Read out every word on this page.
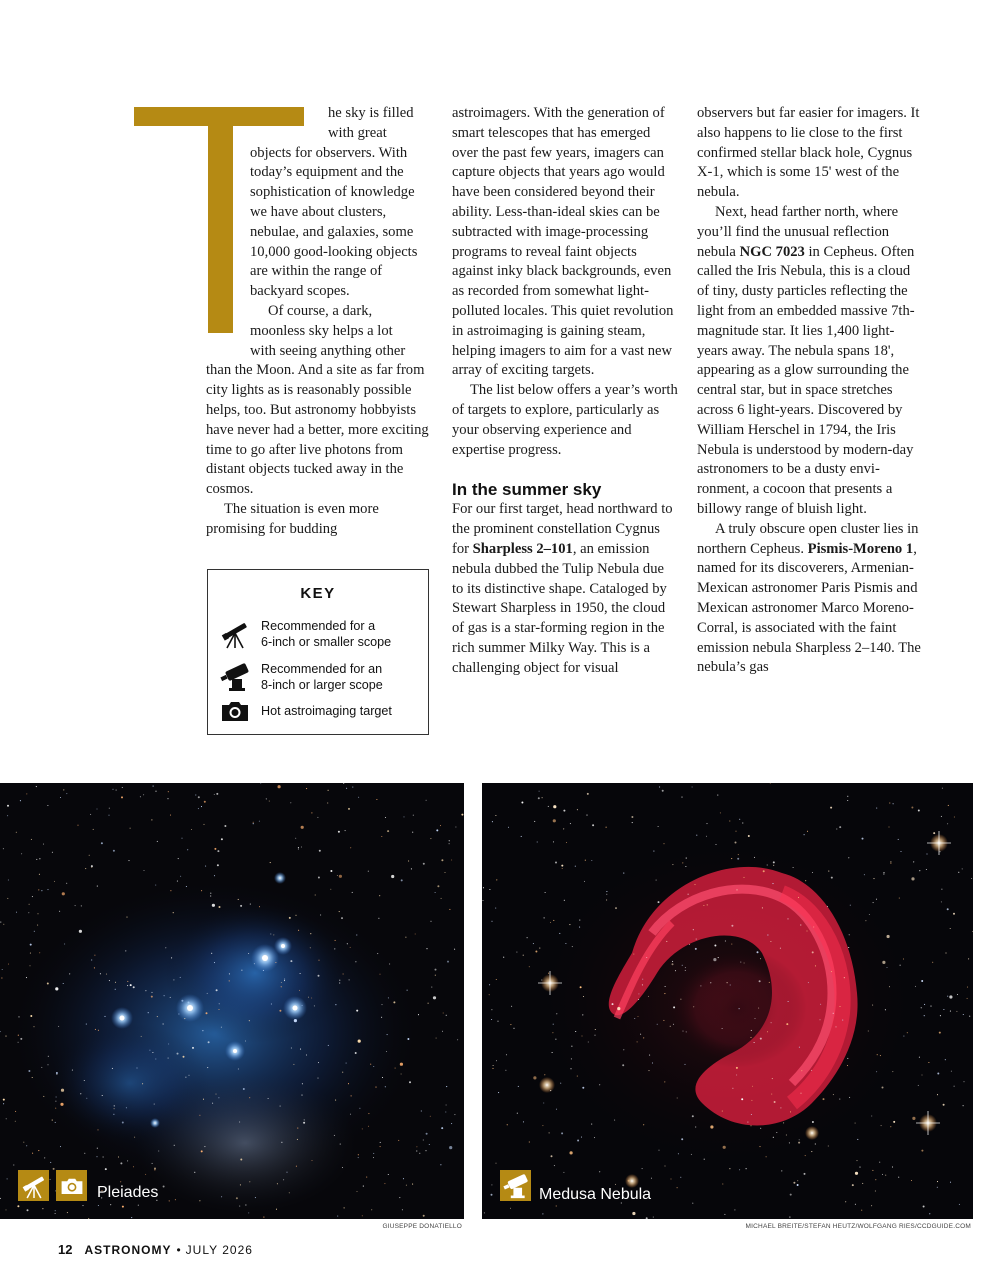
he sky is filled
with great

objects for observers. With today’s equipment and the sophistication of knowledge we have about clusters, nebulae, and galaxies, some 10,000 good-looking objects are within the range of backyard scopes.

Of course, a dark,
moonless sky helps a lot
with seeing anything other

than the Moon. And a site as far from city lights as is reasonably possible helps, too. But astronomy hobbyists have never had a better, more exciting time to go after live photons from distant objects tucked away in the cosmos.

The situation is even more promising for budding

astroimagers. With the generation of smart telescopes that has emerged over the past few years, imagers can capture objects that years ago would have been considered beyond their ability. Less-than-ideal skies can be subtracted with image-processing programs to reveal faint objects against inky black backgrounds, even as recorded from somewhat light-polluted locales. This quiet revolution in astroimaging is gaining steam, helping imagers to aim for a vast new array of exciting targets.

The list below offers a year’s worth of targets to explore, particularly as your observing experience and expertise progress.

In the summer sky

For our first target, head northward to the prominent constellation Cygnus for Sharpless 2–101, an emission nebula dubbed the Tulip Nebula due to its distinctive shape. Cataloged by Stewart Sharpless in 1950, the cloud of gas is a star-forming region in the rich summer Milky Way. This is a challenging object for visual

observers but far easier for imagers. It also happens to lie close to the first confirmed stellar black hole, Cygnus X-1, which is some 15' west of the nebula.

Next, head farther north, where you’ll find the unusual reflection nebula NGC 7023 in Cepheus. Often called the Iris Nebula, this is a cloud of tiny, dusty particles reflecting the light from an embedded massive 7th-magnitude star. It lies 1,400 light-years away. The nebula spans 18', appearing as a glow surrounding the central star, but in space stretches across 6 light-years. Discovered by William Herschel in 1794, the Iris Nebula is understood by modern-day astronomers to be a dusty environment, a cocoon that presents a billowy range of bluish light.

A truly obscure open cluster lies in northern Cepheus. Pismis-Moreno 1, named for its discoverers, Armenian-Mexican astronomer Paris Pismis and Mexican astronomer Marco Moreno-Corral, is associated with the faint emission nebula Sharpless 2–140. The nebula’s gas

KEY
Recommended for a
6-inch or smaller scope
Recommended for an
8-inch or larger scope
Hot astroimaging target
Pleiades	Medusa Nebula
GIUSEPPE DONATIELLO	MICHAEL BREITE/STEFAN HEUTZ/WOLFGANG RIES/CCDGUIDE.COM
12 ASTRONOMY • JULY 2026
